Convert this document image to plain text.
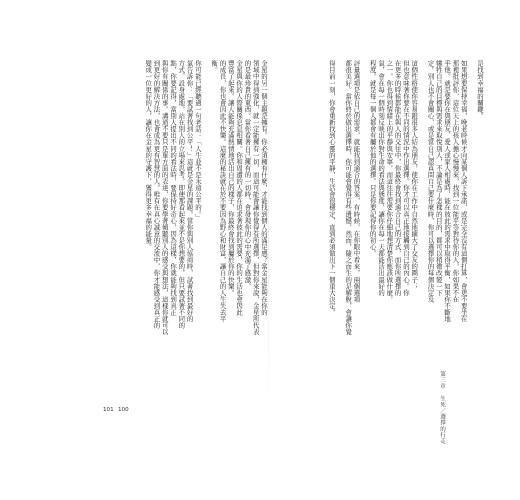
是找到幸福的關鍵。
如果想要保持幸福，晚老時候才向某個人訴下承諾，或是完全沒有這個打算，會更不要坐在
那裡批評你，這位天上的孩人擔心慢慢來，找到一位能平等對待你的人，你如果不在
乎他。就是要你在與朋友、愛人或家人相處時，能在彼此的需求中取得平衡，如果你不斷地
犧牲自己的目標與需求來取悅別人，不論是為了怎樣的目的，都可以稍微改變一下
定。別人也不會關心，或是當自己認真問自己要什麼時，你可以選擇你的每個決定及
這個性格使你容易跟很多人結為朋友，使你在工作中自然地擴大了交友的圈子；
但也意味著你要在不同的情況中作出選擇。你才可以真正地接觸到自己的內心。你
在更多的時候都能在與人的交往中，你最終會找到適合自己的方式，而你所選擇的
之一，你也得到情緒上的平靜與安寧，而這往往需要你仔細地想清楚你應該做什麼，
氣，會在每一個時刻反映出你對生命的看法與態度，讓你在每一天都能活出最好的
程度。就是每一個人都會有屬於他的選擇。只是你要記得你的初心。
評量選項是依自己的需求，就能找到適合的答案，有時候，在你眼中看來，兩個選項
都很美好。當你終於做出選擇時，你可能會覺得有些遺憾，然而，隨之而生的是解脫，會讓你覺
得目前一刻，你會重新找到心靈的平靜，生活會很穩定，直到必須做出下一個重大決定。
第三章　生死／選擇的行走
金星的另一個主題是擁有。你必須擁有什麼，才能找到個人的滿足感？當金星能夠在你的
領域中得到強化，就一定能擁有一切，而這可能會讓你覺得有所選擇，但對你來說，金星所代表
的是最珍貴的東西。當你看著自己擁有的一切時，會發現你的心中充滿了感激。
金星與你的人際關係息息相關。你和周遭的人都在追求著彼此的需要，你的生活也會因此
豐富了起來。讓人能夠充滿熱情地活出自己的樣子，你最終會找到屬於你的快樂。
的成長，你也會因此不快樂。這麼的秘訣就在於不要因為野心和財富，讓自己的人生失去平
衡。
你可能已經聽過一句老話：「人生並不是永遠公平的。」
氣告訴你：「要試著找到公平！」這就是金星的課題。當你與別人協商時，試著找到最好的
方式。設身處地，站在別人的立場來思考，即使那看起來並不是你想要的，但只要試著不同的
點，你要記得，當別人提出不同的看法時，要保持好奇心，因為這樣，你就能夠找到真正
與你有關係的事。溝通不要只是單方面的表達，你要學著傾聽別人的感受與想法，這樣你就可以
到更好的解決方法，也會成為更有智慧的人。唯有在真心誠意的交流中，你才能感受到真正的
變成一位更好的人，讓你在金星的守護下，獲得更多幸福的能量。
101 100
